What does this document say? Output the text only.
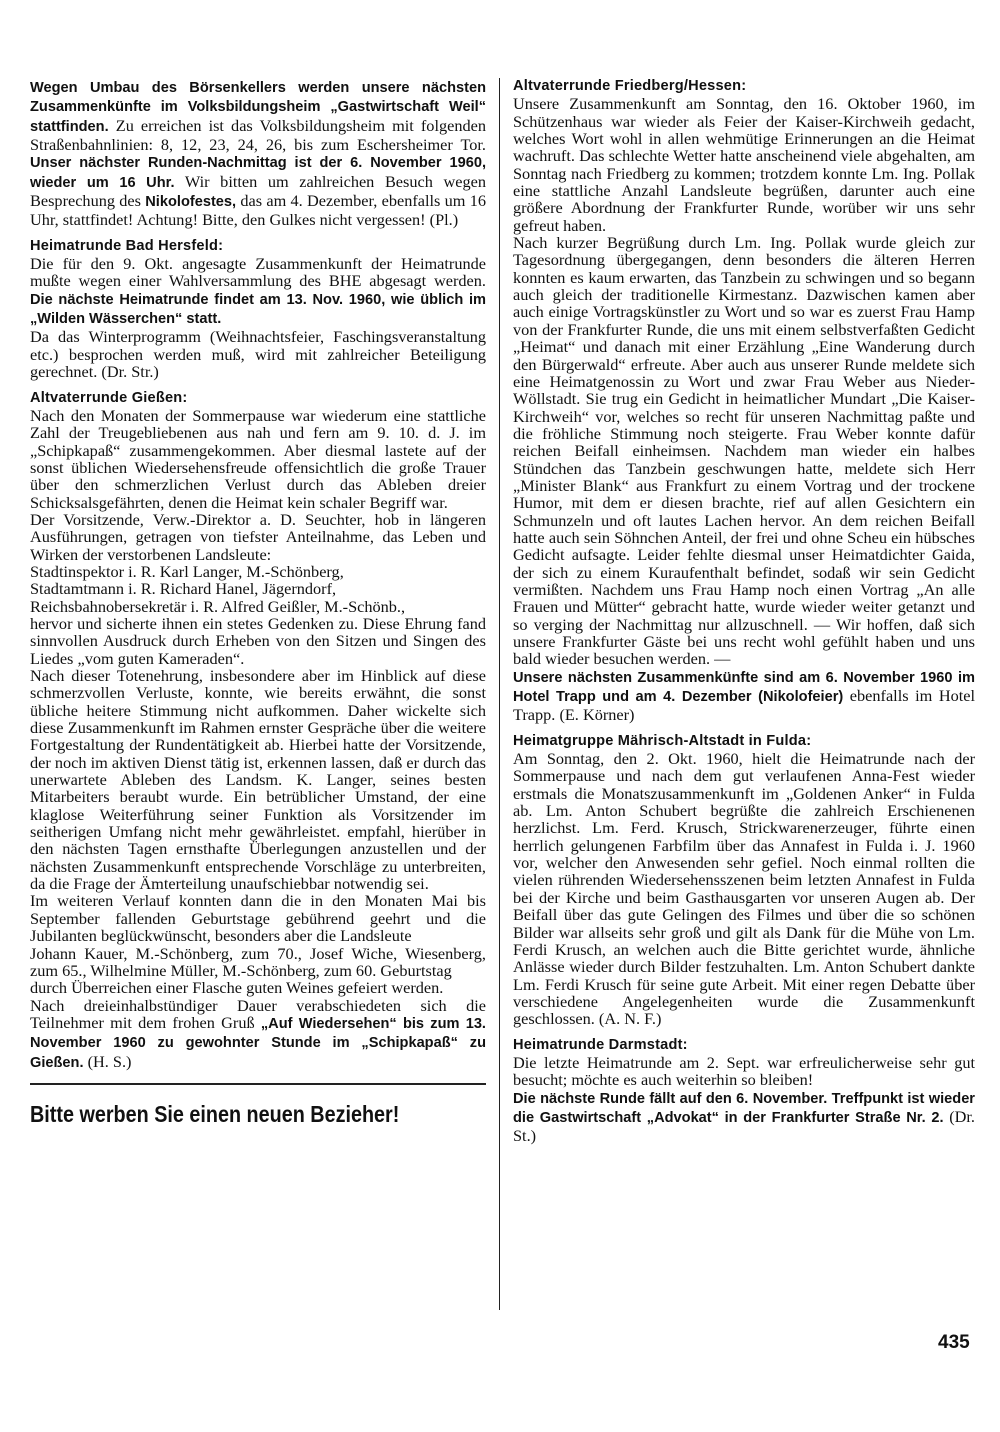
Wegen Umbau des Börsenkellers werden unsere nächsten Zusammenkünfte im Volksbildungsheim „Gastwirtschaft Weil“ stattfinden. Zu erreichen ist das Volksbildungsheim mit folgenden Straßenbahnlinien: 8, 12, 23, 24, 26, bis zum Eschersheimer Tor. Unser nächster Runden-Nachmittag ist der 6. November 1960, wieder um 16 Uhr. Wir bitten um zahlreichen Besuch wegen Besprechung des Nikolofestes, das am 4. Dezember, ebenfalls um 16 Uhr, stattfindet! Achtung! Bitte, den Gulkes nicht vergessen! (Pl.)

Heimatrunde Bad Hersfeld:

Die für den 9. Okt. angesagte Zusammenkunft der Heimatrunde mußte wegen einer Wahlversammlung des BHE abgesagt werden. Die nächste Heimatrunde findet am 13. Nov. 1960, wie üblich im „Wilden Wässerchen“ statt.

Da das Winterprogramm (Weihnachtsfeier, Faschingsveranstaltung etc.) besprochen werden muß, wird mit zahlreicher Beteiligung gerechnet. (Dr. Str.)

Altvaterrunde Gießen:

Nach den Monaten der Sommerpause war wiederum eine stattliche Zahl der Treugebliebenen aus nah und fern am 9. 10. d. J. im „Schipkapaß“ zusammengekommen. Aber diesmal lastete auf der sonst üblichen Wiedersehensfreude offensichtlich die große Trauer über den schmerzlichen Verlust durch das Ableben dreier Schicksalsgefährten, denen die Heimat kein schaler Begriff war.

Der Vorsitzende, Verw.-Direktor a. D. Seuchter, hob in längeren Ausführungen, getragen von tiefster Anteilnahme, das Leben und Wirken der verstorbenen Landsleute:

Stadtinspektor i. R. Karl Langer, M.-Schönberg,

Stadtamtmann i. R. Richard Hanel, Jägerndorf,

Reichsbahnobersekretär i. R. Alfred Geißler, M.-Schönb.,

hervor und sicherte ihnen ein stetes Gedenken zu. Diese Ehrung fand sinnvollen Ausdruck durch Erheben von den Sitzen und Singen des Liedes „vom guten Kameraden“.

Nach dieser Totenehrung, insbesondere aber im Hinblick auf diese schmerzvollen Verluste, konnte, wie bereits erwähnt, die sonst übliche heitere Stimmung nicht aufkommen. Daher wickelte sich diese Zusammenkunft im Rahmen ernster Gespräche über die weitere Fortgestaltung der Rundentätigkeit ab. Hierbei hatte der Vorsitzende, der noch im aktiven Dienst tätig ist, erkennen lassen, daß er durch das unerwartete Ableben des Landsm. K. Langer, seines besten Mitarbeiters beraubt wurde. Ein betrüblicher Umstand, der eine klaglose Weiterführung seiner Funktion als Vorsitzender im seitherigen Umfang nicht mehr gewährleistet. empfahl, hierüber in den nächsten Tagen ernsthafte Überlegungen anzustellen und der nächsten Zusammenkunft entsprechende Vorschläge zu unterbreiten, da die Frage der Ämterteilung unaufschiebbar notwendig sei.

Im weiteren Verlauf konnten dann die in den Monaten Mai bis September fallenden Geburtstage gebührend geehrt und die Jubilanten beglückwünscht, besonders aber die Landsleute

Johann Kauer, M.-Schönberg, zum 70., Josef Wiche, Wiesenberg, zum 65., Wilhelmine Müller, M.-Schönberg, zum 60. Geburtstag

durch Überreichen einer Flasche guten Weines gefeiert werden.

Nach dreieinhalbstündiger Dauer verabschiedeten sich die Teilnehmer mit dem frohen Gruß „Auf Wiedersehen“ bis zum 13. November 1960 zu gewohnter Stunde im „Schipkapaß“ zu Gießen. (H. S.)

Bitte werben Sie einen neuen Bezieher!
Altvaterrunde Friedberg/Hessen:

Unsere Zusammenkunft am Sonntag, den 16. Oktober 1960, im Schützenhaus war wieder als Feier der Kaiser-Kirchweih gedacht, welches Wort wohl in allen wehmütige Erinnerungen an die Heimat wachruft. Das schlechte Wetter hatte anscheinend viele abgehalten, am Sonntag nach Friedberg zu kommen; trotzdem konnte Lm. Ing. Pollak eine stattliche Anzahl Landsleute begrüßen, darunter auch eine größere Abordnung der Frankfurter Runde, worüber wir uns sehr gefreut haben.

Nach kurzer Begrüßung durch Lm. Ing. Pollak wurde gleich zur Tagesordnung übergegangen, denn besonders die älteren Herren konnten es kaum erwarten, das Tanzbein zu schwingen und so begann auch gleich der traditionelle Kirmestanz. Dazwischen kamen aber auch einige Vortragskünstler zu Wort und so war es zuerst Frau Hamp von der Frankfurter Runde, die uns mit einem selbstverfaßten Gedicht „Heimat“ und danach mit einer Erzählung „Eine Wanderung durch den Bürgerwald“ erfreute. Aber auch aus unserer Runde meldete sich eine Heimatgenossin zu Wort und zwar Frau Weber aus Nieder-Wöllstadt. Sie trug ein Gedicht in heimatlicher Mundart „Die Kaiser-Kirchweih“ vor, welches so recht für unseren Nachmittag paßte und die fröhliche Stimmung noch steigerte. Frau Weber konnte dafür reichen Beifall einheimsen. Nachdem man wieder ein halbes Stündchen das Tanzbein geschwungen hatte, meldete sich Herr „Minister Blank“ aus Frankfurt zu einem Vortrag und der trockene Humor, mit dem er diesen brachte, rief auf allen Gesichtern ein Schmunzeln und oft lautes Lachen hervor. An dem reichen Beifall hatte auch sein Söhnchen Anteil, der frei und ohne Scheu ein hübsches Gedicht aufsagte. Leider fehlte diesmal unser Heimatdichter Gaida, der sich zu einem Kuraufenthalt befindet, sodaß wir sein Gedicht vermißten. Nachdem uns Frau Hamp noch einen Vortrag „An alle Frauen und Mütter“ gebracht hatte, wurde wieder weiter getanzt und so verging der Nachmittag nur allzuschnell. — Wir hoffen, daß sich unsere Frankfurter Gäste bei uns recht wohl gefühlt haben und uns bald wieder besuchen werden. —

Unsere nächsten Zusammenkünfte sind am 6. November 1960 im Hotel Trapp und am 4. Dezember (Nikolofeier) ebenfalls im Hotel Trapp. (E. Körner)

Heimatgruppe Mährisch-Altstadt in Fulda:

Am Sonntag, den 2. Okt. 1960, hielt die Heimatrunde nach der Sommerpause und nach dem gut verlaufenen Anna-Fest wieder erstmals die Monatszusammenkunft im „Goldenen Anker“ in Fulda ab. Lm. Anton Schubert begrüßte die zahlreich Erschienenen herzlichst. Lm. Ferd. Krusch, Strickwarenerzeuger, führte einen herrlich gelungenen Farbfilm über das Annafest in Fulda i. J. 1960 vor, welcher den Anwesenden sehr gefiel. Noch einmal rollten die vielen rührenden Wiedersehensszenen beim letzten Annafest in Fulda bei der Kirche und beim Gasthausgarten vor unseren Augen ab. Der Beifall über das gute Gelingen des Filmes und über die so schönen Bilder war allseits sehr groß und gilt als Dank für die Mühe von Lm. Ferdi Krusch, an welchen auch die Bitte gerichtet wurde, ähnliche Anlässe wieder durch Bilder festzuhalten. Lm. Anton Schubert dankte Lm. Ferdi Krusch für seine gute Arbeit. Mit einer regen Debatte über verschiedene Angelegenheiten wurde die Zusammenkunft geschlossen. (A. N. F.)

Heimatrunde Darmstadt:

Die letzte Heimatrunde am 2. Sept. war erfreulicherweise sehr gut besucht; möchte es auch weiterhin so bleiben!

Die nächste Runde fällt auf den 6. November. Treffpunkt ist wieder die Gastwirtschaft „Advokat“ in der Frankfurter Straße Nr. 2. (Dr. St.)

435
